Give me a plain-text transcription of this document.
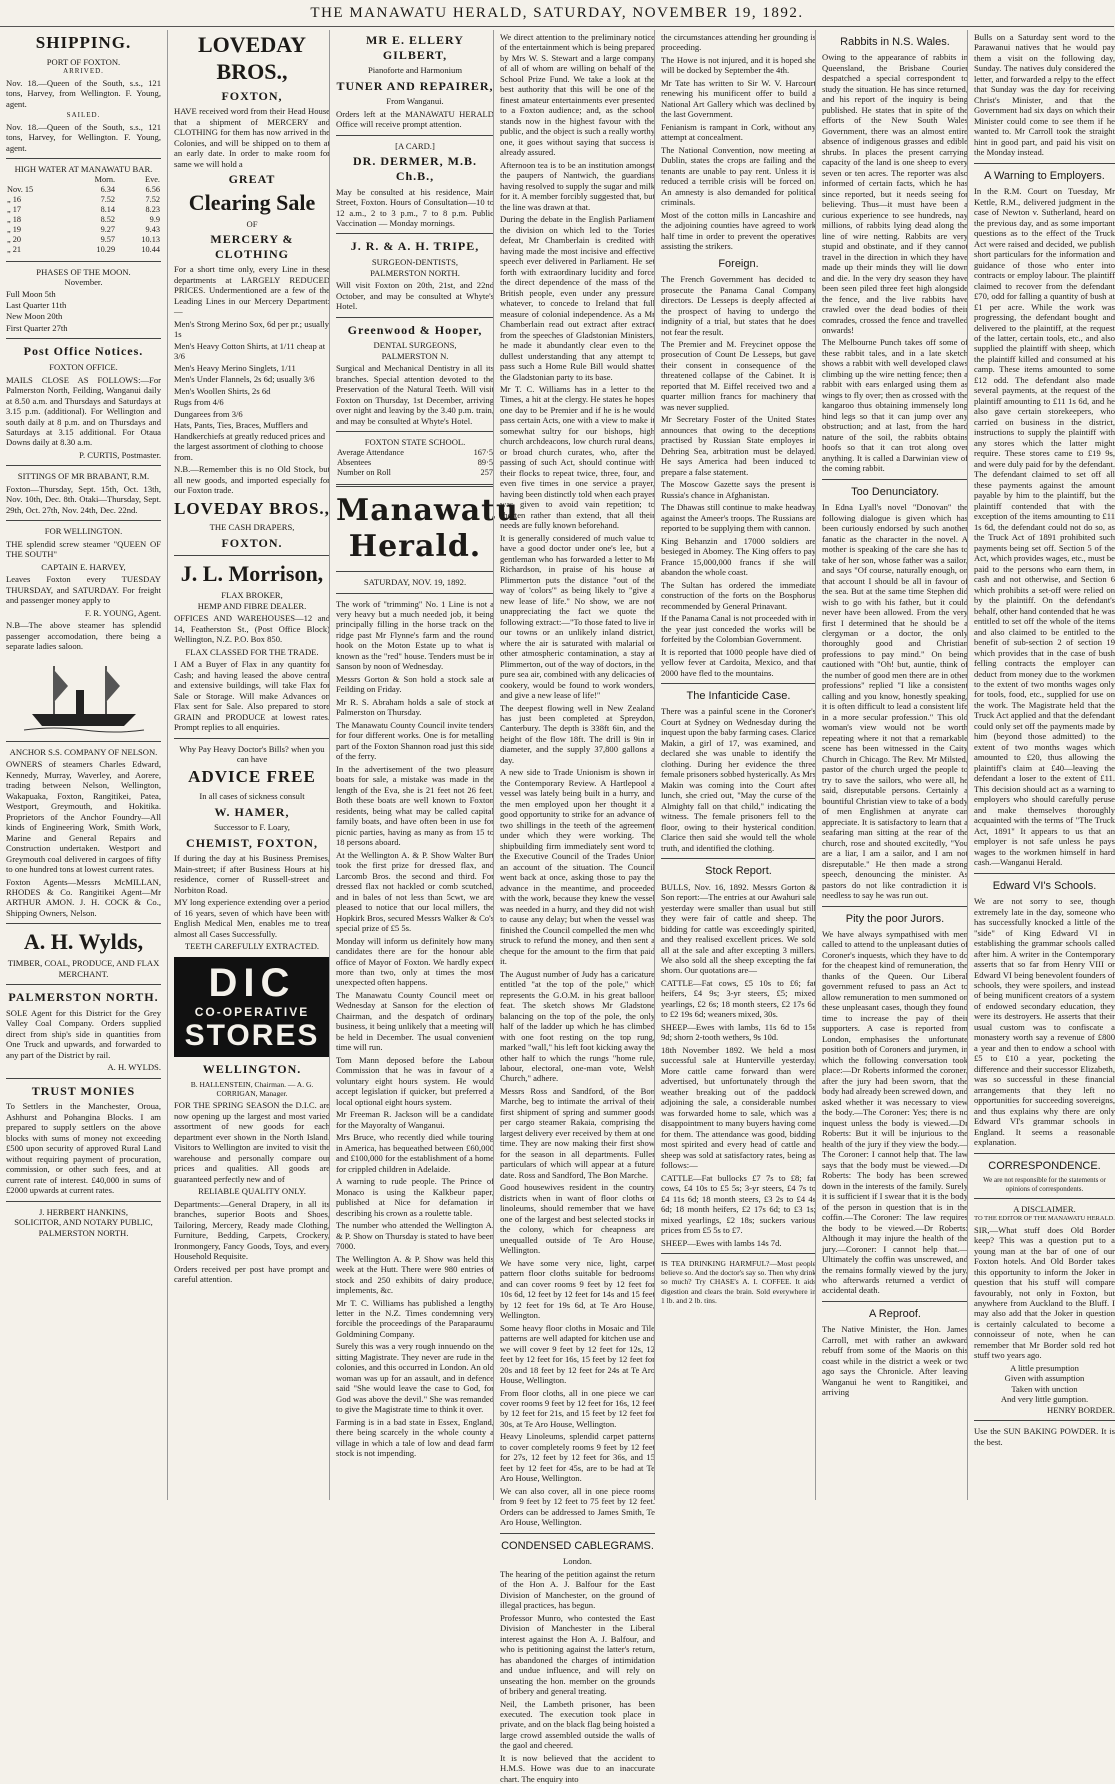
THE MANAWATU HERALD, SATURDAY, NOVEMBER 19, 1892.
SHIPPING.
PORT OF FOXTON.
ARRIVED.

Nov. 18.—Queen of the South, s.s., 121 tons, Harvey, from Wellington. F. Young, agent.

SAILED.

Nov. 18.—Queen of the South, s.s., 121 tons, Harvey, for Wellington. F. Young, agent.

HIGH WATER AT MANAWATU BAR.
	Morn.	Eve.
Nov. 15	6.34	6.56
„ 16	7.52	7.52
„ 17	8.14	8.23
„ 18	8.52	9.9
„ 19	9.27	9.43
„ 20	9.57	10.13
„ 21	10.29	10.44
PHASES OF THE MOON.
November.
Full Moon 5th
Last Quarter 11th
New Moon 20th
First Quarter 27th
Post Office Notices.
FOXTON OFFICE.

MAILS CLOSE AS FOLLOWS:—For Palmerston North, Feilding, Wanganui daily at 8.50 a.m. and Thursdays and Saturdays at 3.15 p.m. (additional). For Wellington and south daily at 8 p.m. and on Thursdays and Saturdays at 3.15 additional. For Otaua Downs daily at 8.30 a.m.

P. CURTIS, Postmaster.
SITTINGS OF MR BRABANT, R.M.

Foxton—Thursday, Sept. 15th, Oct. 13th, Nov. 10th, Dec. 8th. Otaki—Thursday, Sept. 29th, Oct. 27th, Nov. 24th, Dec. 22nd.

FOR WELLINGTON.

THE splendid screw steamer "QUEEN OF THE SOUTH"

CAPTAIN E. HARVEY,

Leaves Foxton every TUESDAY THURSDAY, and SATURDAY. For freight and passenger money apply to

F. R. YOUNG, Agent.

N.B—The above steamer has splendid passenger accomodation, there being a separate ladies saloon.

ANCHOR S.S. COMPANY OF NELSON.

OWNERS of steamers Charles Edward, Kennedy, Murray, Waverley, and Aorere, trading between Nelson, Wellington, Wakapuaka, Foxton, Rangitikei, Patea, Westport, Greymouth, and Hokitika. Proprietors of the Anchor Foundry—All kinds of Engineering Work, Smith Work, Marine and General Repairs and Construction undertaken. Westport and Greymouth coal delivered in cargoes of fifty to one hundred tons at lowest current rates.

Foxton Agents—Messrs McMILLAN, RHODES & Co. Rangitikei Agent—Mr ARTHUR AMON. J. H. COCK & Co., Shipping Owners, Nelson.

A. H. Wylds,
TIMBER, COAL, PRODUCE, AND FLAX MERCHANT.
PALMERSTON NORTH.

SOLE Agent for this District for the Grey Valley Coal Company. Orders supplied direct from ship's side in quantities from One Truck and upwards, and forwarded to any part of the District by rail.

A. H. WYLDS.
TRUST MONIES

To Settlers in the Manchester, Oroua, Ashhurst and Pohangina Blocks. I am prepared to supply settlers on the above blocks with sums of money not exceeding £500 upon security of approved Rural Land without requiring payment of procuration, commission, or other such fees, and at current rate of interest. £40,000 in sums of £2000 upwards at current rates.

J. HERBERT HANKINS,
SOLICITOR, AND NOTARY PUBLIC, PALMERSTON NORTH.
LOVEDAY BROS.,
FOXTON,

HAVE received word from their Head House that a shipment of MERCERY and CLOTHING for them has now arrived in the Colonies, and will be shipped on to them at an early date. In order to make room for same we will hold a

GREAT
Clearing Sale
OF
MERCERY & CLOTHING

For a short time only, every Line in these departments at LARGELY REDUCED PRICES. Undermentioned are a few of the Leading Lines in our Mercery Department:—

Men's Strong Merino Sox, 6d per pr.; usually 1s
Men's Heavy Cotton Shirts, at 1/11 cheap at 3/6
Men's Heavy Merino Singlets, 1/11
Men's Under Flannels, 2s 6d; usually 3/6
Men's Woollen Shirts, 2s 6d
Rugs from 4/6
Dungarees from 3/6
Hats, Pants, Ties, Braces, Mufflers and Handkerchiefs at greatly reduced prices and the largest assortment of clothing to choose from.

N.B.—Remember this is no Old Stock, but all new goods, and imported especially for our Foxton trade.

LOVEDAY BROS.,
THE CASH DRAPERS,
FOXTON.
J. L. Morrison,
FLAX BROKER,
HEMP AND FIBRE DEALER.

OFFICES AND WAREHOUSES—12 and 14, Featherston St., (Post Office Block) Wellington, N.Z. P.O. Box 850.

FLAX CLASSED FOR THE TRADE.

I AM a Buyer of Flax in any quantity for Cash; and having leased the above central and extensive buildings, will take Flax for Sale or Storage. Will make Advances on Flax sent for Sale. Also prepared to store GRAIN and PRODUCE at lowest rates. Prompt replies to all enquiries.

Why Pay Heavy Doctor's Bills? when you can have
ADVICE FREE
In all cases of sickness consult
W. HAMER,
Successor to F. Loary,
CHEMIST, FOXTON,

If during the day at his Business Premises, Main-street; if after Business Hours at his residence, corner of Russell-street and Norbiton Road.

MY long experience extending over a period of 16 years, seven of which have been with English Medical Men, enables me to treat almost all Cases Successfully.

TEETH CAREFULLY EXTRACTED.
DIC
CO-OPERATIVE
STORES
WELLINGTON.
B. HALLENSTEIN, Chairman. — A. G. CORRIGAN, Manager.

FOR THE SPRING SEASON the D.I.C. are now opening up the largest and most varied assortment of new goods for each department ever shown in the North Island. Visitors to Wellington are invited to visit the warehouse and personally compare our prices and qualities. All goods are guaranteed perfectly new and of

RELIABLE QUALITY ONLY.

Departments:—General Drapery, in all its branches, superior Boots and Shoes, Tailoring, Mercery, Ready made Clothing, Furniture, Bedding, Carpets, Crockery, Ironmongery, Fancy Goods, Toys, and every Household Requisite.

Orders received per post have prompt and careful attention.

MR E. ELLERY GILBERT,
Pianoforte and Harmonium
TUNER AND REPAIRER,
From Wanganui.

Orders left at the MANAWATU HERALD Office will receive prompt attention.

[A CARD.]
DR. DERMER, M.B. Ch.B.,

May be consulted at his residence, Main Street, Foxton. Hours of Consultation—10 to 12 a.m., 2 to 3 p.m., 7 to 8 p.m. Public Vaccination — Monday mornings.

J. R. & A. H. TRIPE,
SURGEON-DENTISTS,
PALMERSTON NORTH.

Will visit Foxton on 20th, 21st, and 22nd October, and may be consulted at Whyte's Hotel.

Greenwood & Hooper,
DENTAL SURGEONS,
PALMERSTON N.

Surgical and Mechanical Dentistry in all its branches. Special attention devoted to the Preservation of the Natural Teeth. Will visit Foxton on Thursday, 1st December, arriving over night and leaving by the 3.40 p.m. train, and may be consulted at Whyte's Hotel.

FOXTON STATE SCHOOL.
Average Attendance	167·5
Absentees	89·5
Number on Roll	257
Manawatu Herald.
SATURDAY, NOV. 19, 1892.

The work of "trimming" No. 1 Line is not a very heavy but a much needed job, it being principally filling in the horse track on the ridge past Mr Flynne's farm and the round hook on the Moton Estate up to what is known as the "red" house. Tenders must be in Sanson by noon of Wednesday.

Messrs Gorton & Son hold a stock sale at Feilding on Friday.

Mr R. S. Abraham holds a sale of stock at Palmerston on Thursday.

The Manawatu County Council invite tenders for four different works. One is for metalling part of the Foxton Shannon road just this side of the ferry.

In the advertisement of the two pleasure boats for sale, a mistake was made in the length of the Eva, she is 21 feet not 26 feet. Both these boats are well known to Foxton residents, being what may be called capital family boats, and have often been in use for picnic parties, having as many as from 15 to 18 persons aboard.

At the Wellington A. & P. Show Walter Burt took the first prize for dressed flax, and Larcomb Bros. the second and third. For dressed flax not hackled or comb scutched, and in bales of not less than 5cwt, we are pleased to notice that our local millers, the Hopkirk Bros, secured Messrs Walker & Co's special prize of £5 5s.

Monday will inform us definitely how many candidates there are for the honour able office of Mayor of Foxton. We hardly expect more than two, only at times the most unexpected often happens.

The Manawatu County Council meet on Wednesday at Sanson for the election of Chairman, and the despatch of ordinary business, it being unlikely that a meeting will be held in December. The usual convenient time will run.

Tom Mann deposed before the Labour Commission that he was in favour of a voluntary eight hours system. He would accept legislation if quicker, but preferred a local optional eight hours system.

Mr Freeman R. Jackson will be a candidate for the Mayoralty of Wanganui.

Mrs Bruce, who recently died while touring in America, has bequeathed between £60,000 and £100,000 for the establishment of a home for crippled children in Adelaide.

A warning to rude people. The Prince of Monaco is using the Kalkbeur paper, published at Nice for defamation in describing his crown as a roulette table.

The number who attended the Wellington A. & P. Show on Thursday is stated to have been 7000.

The Wellington A. & P. Show was held this week at the Hutt. There were 980 entries of stock and 250 exhibits of dairy produce, implements, &c.

Mr T. C. Williams has published a lengthy letter in the N.Z. Times condemning very forcible the proceedings of the Paraparaumu Goldmining Company.

Surely this was a very rough innuendo on the sitting Magistrate. They never are rude in the colonies, and this occurred in London. An old woman was up for an assault, and in defence said "She would leave the case to God, for God was above the devil." She was remanded to give the Magistrate time to think it over.

Farming is in a bad state in Essex, England, there being scarcely in the whole county a village in which a tale of low and dead farm stock is not impending.

We direct attention to the preliminary notice of the entertainment which is being prepared by Mrs W. S. Stewart and a large company of all of whom are willing on behalf of the School Prize Fund. We take a look at the best authority that this will be one of the finest amateur entertainments ever presented to a Foxton audience; and, as the school stands now in the highest favour with the public, and the object is such a really worthy one, it goes without saying that success is already assured.

Afternoon tea is to be an institution amongst the paupers of Nantwich, the guardians having resolved to supply the sugar and milk for it. A member forcibly suggested that, but the line was drawn at that.

During the debate in the English Parliament the division on which led to the Tories defeat, Mr Chamberlain is credited with having made the most incisive and effective speech ever delivered in Parliament. He set forth with extraordinary lucidity and force the direct dependence of the mass of the British people, even under any pressure whatever, to concede to Ireland that full measure of colonial independence. As a Mr Chamberlain read out extract after extract from the speeches of Gladstonian Ministers, he made it abundantly clear even to the dullest understanding that any attempt to pass such a Home Rule Bill would shatter the Gladstonian party to its base.

Mr T. C. Williams has in a letter to the Times, a hit at the clergy. He states he hopes one day to be Premier and if he is he would pass certain Acts, one with a view to make it somewhat sultry for our bishops, high church archdeacons, low church rural deans, or broad church curates, who, after the passing of such Act, should continue with their flocks to repeat twice, three, four, and even five times in one service a prayer, having been distinctly told when each prayer was given to avoid vain repetition; to shorten rather than extend, that all their needs are fully known beforehand.

It is generally considered of much value to have a good doctor under one's lee, but a gentleman who has forwarded a letter to Mr Richardson, in praise of his house at Plimmerton puts the distance "out of the way of 'colors'" as being likely to "give a new lease of life." No show, we are not unappreciating the fact we quote the following extract:—"To those fated to live in our towns or an unlikely inland district, where the air is saturated with malarial or other atmospheric contamination, a stay at Plimmerton, out of the way of doctors, in the pure sea air, combined with any delicacies of cookery, would be found to work wonders, and give a new lease of life!"

The deepest flowing well in New Zealand has just been completed at Spreydon, Canterbury. The depth is 338ft 6in, and the height of the flow 18ft. The drill is 9in in diameter, and the supply 37,800 gallons a day.

A new side to Trade Unionism is shown in the Contemporary Review. A Hartlepool a vessel was lately being built in a hurry, and the men employed upon her thought it a good opportunity to strike for an advance of two shillings in the teeth of the agreement under which they were working. The shipbuilding firm immediately sent word to the Executive Council of the Trades Union an account of the situation. The Council went back at once, asking those to pay the advance in the meantime, and proceeded with the work, because they knew the vessel was needed in a hurry, and they did not wish to cause any delay; but when the vessel was finished the Council compelled the men who struck to refund the money, and then sent a cheque for the amount to the firm that paid it.

The August number of Judy has a caricature entitled "at the top of the pole," which represents the G.O.M. in his great balloon feat. The sketch shows Mr Gladstone balancing on the top of the pole, the only half of the ladder up which he has climbed with one foot resting on the top rung, marked "wall," his left foot kicking away the other half to which the rungs "home rule, labour, electoral, one-man vote, Welsh Church," adhere.

Messrs Ross and Sandford, of the Bon Marche, beg to intimate the arrival of their first shipment of spring and summer goods per cargo steamer Rakaia, comprising the largest delivery ever received by them at one time. They are now making their first show for the season in all departments. Fuller particulars of which will appear at a future date. Ross and Sandford, The Bon Marche.

Good housewives resident in the country districts when in want of floor cloths or linoleums, should remember that we have one of the largest and best selected stocks in the colony, which for cheapness are unequalled outside of Te Aro House, Wellington.

We have some very nice, light, carpet pattern floor cloths suitable for bedrooms and can cover rooms 9 feet by 12 feet for 10s 6d, 12 feet by 12 feet for 14s and 15 feet by 12 feet for 19s 6d, at Te Aro House, Wellington.

Some heavy floor cloths in Mosaic and Tile patterns are well adapted for kitchen use and we will cover 9 feet by 12 feet for 12s, 12 feet by 12 feet for 16s, 15 feet by 12 feet for 20s and 18 feet by 12 feet for 24s at Te Aro House, Wellington.

From floor cloths, all in one piece we can cover rooms 9 feet by 12 feet for 16s, 12 feet by 12 feet for 21s, and 15 feet by 12 feet for 30s, at Te Aro House, Wellington.

Heavy Linoleums, splendid carpet patterns to cover completely rooms 9 feet by 12 feet for 27s, 12 feet by 12 feet for 36s, and 15 feet by 12 feet for 45s, are to be had at Te Aro House, Wellington.

We can also cover, all in one piece rooms from 9 feet by 12 feet to 75 feet by 12 feet. Orders can be addressed to James Smith, Te Aro House, Wellington.

CONDENSED CABLEGRAMS.
London.

The hearing of the petition against the return of the Hon A. J. Balfour for the East Division of Manchester, on the ground of illegal practices, has begun.

Professor Munro, who contested the East Division of Manchester in the Liberal interest against the Hon A. J. Balfour, and who is petitioning against the latter's return, has abandoned the charges of intimidation and undue influence, and will rely on unseating the hon. member on the grounds of bribery and general treating.

Neil, the Lambeth prisoner, has been executed. The execution took place in private, and on the black flag being hoisted a large crowd assembled outside the walls of the gaol and cheered.

It is now believed that the accident to H.M.S. Howe was due to an inaccurate chart. The enquiry into

the circumstances attending her grounding is proceeding.

The Howe is not injured, and it is hoped she will be docked by September the 4th.

Mr Tate has written to Sir W. V. Harcourt renewing his munificent offer to build a National Art Gallery which was declined by the last Government.

Fenianism is rampant in Cork, without any attempt at concealment.

The National Convention, now meeting at Dublin, states the crops are failing and the tenants are unable to pay rent. Unless it is reduced a terrible crisis will be forced on. An amnesty is also demanded for political criminals.

Most of the cotton mills in Lancashire and the adjoining counties have agreed to work half time in order to prevent the operatives assisting the strikers.

Foreign.

The French Government has decided to prosecute the Panama Canal Company directors. De Lesseps is deeply affected at the prospect of having to undergo the indignity of a trial, but states that he does not fear the result.

The Premier and M. Freycinet oppose the prosecution of Count De Lesseps, but gave their consent in consequence of the threatened collapse of the Cabinet. It is reported that M. Eiffel received two and a quarter million francs for machinery that was never supplied.

Mr Secretary Foster of the United States announces that owing to the deceptions practised by Russian State employes in Dehring Sea, arbitration must be delayed. He says America had been induced to prepare a false statement.

The Moscow Gazette says the present is Russia's chance in Afghanistan.

The Dhawas still continue to make headway against the Ameer's troops. The Russians are reported to be supplying them with cannon.

King Behanzin and 17000 soldiers are besieged in Abomey. The King offers to pay France 15,000,000 francs if she will abandon the whole coast.

The Sultan has ordered the immediate construction of the forts on the Bosphorus recommended by General Prinavant.

If the Panama Canal is not proceeded with in the year just conceded the works will be forfeited by the Colombian Government.

It is reported that 1000 people have died of yellow fever at Cardoita, Mexico, and that 2000 have fled to the mountains.

The Infanticide Case.

There was a painful scene in the Coroner's Court at Sydney on Wednesday during the inquest upon the baby farming cases. Clarice Makin, a girl of 17, was examined, and declared she was unable to identify the clothing. During her evidence the three female prisoners sobbed hysterically. As Mrs Makin was coming into the Court after lunch, she cried out, "May the curse of the Almighty fall on that child," indicating the witness. The female prisoners fell to the floor, owing to their hysterical condition. Clarice then said she would tell the whole truth, and identified the clothing.

Stock Report.

BULLS, Nov. 16, 1892. Messrs Gorton & Son report:—The entries at our Awahuri sale yesterday were smaller than usual but still they were fair of cattle and sheep. The bidding for cattle was exceedingly spirited, and they realised excellent prices. We sold all at the sale and after excepting 3 millers. We also sold all the sheep excepting the fat shorn. Our quotations are—

CATTLE—Fat cows, £5 10s to £6; fat heifers, £4 9s; 3-yr steers, £5; mixed yearlings, £2 6s; 18 month steers, £2 17s 6d to £2 19s 6d; weaners mixed, 30s.

SHEEP—Ewes with lambs, 11s 6d to 15s 9d; shorn 2-tooth wethers, 9s 10d.

18th November 1892. We held a most successful sale at Hunterville yesterday. More cattle came forward than were advertised, but unfortunately through the weather breaking out of the paddock adjoining the sale, a considerable number was forwarded home to sale, which was a disappointment to many buyers having come for them. The attendance was good, bidding most spirited and every head of cattle and sheep was sold at satisfactory rates, being as follows:—

CATTLE—Fat bullocks £7 7s to £8; fat cows, £4 10s to £5 5s; 3-yr steers, £4 7s to £4 11s 6d; 18 month steers, £3 2s to £4 4s 6d; 18 month heifers, £2 17s 6d; to £3 1s; mixed yearlings, £2 18s; suckers various prices from £5 5s to £7.

SHEEP—Ewes with lambs 14s 7d.

IS TEA DRINKING HARMFUL?—Most people believe so. And the doctor's say so. Then why drink so much? Try CHASE's A. I. COFFEE. It aids digestion and clears the brain. Sold everywhere in 1 lb. and 2 lb. tins.

Rabbits in N.S. Wales.

Owing to the appearance of rabbits in Queensland, the Brisbane Courier despatched a special correspondent to study the situation. He has since returned, and his report of the inquiry is being published. He states that in spite of the efforts of the New South Wales Government, there was an almost entire absence of indigenous grasses and edible shrubs. In places the present carrying capacity of the land is one sheep to every seven or ten acres. The reporter was also informed of certain facts, which he has since reported, but it needs seeing for believing. Thus—it must have been a curious experience to see hundreds, nay millions, of rabbits lying dead along the line of wire netting. Rabbits are very stupid and obstinate, and if they cannot travel in the direction in which they have made up their minds they will lie down and die. In the very dry season they have been seen piled three feet high alongside the fence, and the live rabbits have crawled over the dead bodies of their comrades, crossed the fence and travelled onwards!

The Melbourne Punch takes off some of these rabbit tales, and in a late sketch shows a rabbit with well developed claws climbing up the wire netting fence; then a rabbit with ears enlarged using them as wings to fly over; then as crossed with the kangaroo thus obtaining immensely long hind legs so that it can jump over any obstruction; and at last, from the hard nature of the soil, the rabbits obtains hoofs so that it can trot along over anything. It is called a Darwinian view of the coming rabbit.

Too Denunciatory.

In Edna Lyall's novel "Donovan" the following dialogue is given which has been curiously endorsed by such another fanatic as the character in the novel. A mother is speaking of the care she has to take of her son, whose father was a sailor, and says "Of course, naturally enough, on that account I should be all in favour of the sea. But at the same time Stephen did wish to go with his father, but it could never have been allowed. From the very first I determined that he should be a clergyman or a doctor, the only thoroughly good and Christian professions to pay mind." On being cautioned with "Oh! but, auntie, think of the number of good men there are in other professions" replied "I like a consistent calling and you know, honestly speaking, it is often difficult to lead a consistent life in a more secular profession." This old woman's view would not be worth repeating where it not that a remarkable scene has been witnessed in the Caity Church in Chicago. The Rev. Mr Milsted, pastor of the church urged the people to try to save the sailors, who were all, he said, disreputable persons. Certainly a bountiful Christian view to take of a body of men Englishmen at anyrate can appreciate. It is satisfactory to learn that a seafaring man sitting at the rear of the church, rose and shouted excitedly, "You are a liar, I am a sailor, and I am not disreputable." He then made a strong speech, denouncing the minister. As pastors do not like contradiction it is needless to say he was run out.

Pity the poor Jurors.

We have always sympathised with men called to attend to the unpleasant duties of Coroner's inquests, which they have to do for the cheapest kind of remuneration, the thanks of the Queen. Our Liberal government refused to pass an Act to allow remuneration to men summoned on these unpleasant cases, though they found time to increase the pay of their supporters. A case is reported from London, emphasises the unfortunate position both of Coroners and jurymen, in which the following conversation took place:—Dr Roberts informed the coroner, after the jury had been sworn, that the body had already been screwed down, and asked whether it was necessary to view the body.—The Coroner: Yes; there is no inquest unless the body is viewed.—Dr Roberts: But it will be injurious to the health of the jury if they view the body.—The Coroner: I cannot help that. The law says that the body must be viewed.—Dr Roberts: The body has been screwed down in the interests of the family. Surely it is sufficient if I swear that it is the body of the person in question that is in the coffin.—The Coroner: The law requires the body to be viewed.—Dr Roberts: Although it may injure the health of the jury.—Coroner: I cannot help that.—Ultimately the coffin was unscrewed, and the remains formally viewed by the jury, who afterwards returned a verdict of accidental death.

A Reproof.

The Native Minister, the Hon. James Carroll, met with rather an awkward rebuff from some of the Maoris on this coast while in the district a week or two ago says the Chronicle. After leaving Wanganui he went to Rangitikei, and arriving

Bulls on a Saturday sent word to the Parawanui natives that he would pay them a visit on the following day, Sunday. The natives duly considered the letter, and forwarded a relpy to the effect that Sunday was the day for receiving Christ's Minister, and that the Government had six days on which their Minister could come to see them if he wanted to. Mr Carroll took the straight hint in good part, and paid his visit on the Monday instead.

A Warning to Employers.

In the R.M. Court on Tuesday, Mr Kettle, R.M., delivered judgment in the case of Newton v. Sutherland, heard on the previous day, and as some important questions as to the effect of the Truck Act were raised and decided, we publish short particulars for the information and guidance of those who enter into contracts or employ labour. The plaintiff claimed to recover from the defendant £70, odd for falling a quantity of bush at £1 per acre. While the work was progressing, the defendant bought and delivered to the plaintiff, at the request of the latter, certain tools, etc., and also supplied the plaintiff with sheep, which the plaintiff killed and consumed at his camp. These items amounted to some £12 odd. The defendant also made several payments, at the request of the plaintiff amounting to £11 1s 6d, and he also gave certain storekeepers, who carried on business in the district, instructions to supply the plaintiff with any stores which the latter might require. These stores came to £19 9s, and were duly paid for by the defendant. The defendant claimed to set off all these payments against the amount payable by him to the plaintiff, but the plaintiff contended that with the exception of the items amounting to £11 1s 6d, the defendant could not do so, as the Truck Act of 1891 prohibited such payments being set off. Section 5 of the Act, which provides wages, etc., must be paid to the persons who earn them, in cash and not otherwise, and Section 6 which prohibits a set-off were relied on by the plaintiff. On the defendant's behalf, other hand contended that he was entitled to set off the whole of the items and also claimed to be entitled to the benefit of sub-section 2 of section 19 which provides that in the case of bush felling contracts the employer can deduct from money due to the workmen to the extent of two months wages only for tools, food, etc., supplied for use on the work. The Magistrate held that the Truck Act applied and that the defendant could only set off the payments made by him (beyond those admitted) to the extent of two months wages which amounted to £20, thus allowing the plaintiff's claim at £40—leaving the defendant a loser to the extent of £11. This decision should act as a warning to employers who should carefully peruse and make themselves thoroughly acquainted with the terms of "The Truck Act, 1891" It appears to us that an employer is not safe unless he pays wages to the workmen himself in hard cash.—Wanganui Herald.

Edward VI's Schools.

We are not sorry to see, though extremely late in the day, someone who has successfully knocked a little of the "side" of King Edward VI in establishing the grammar schools called after him. A writer in the Contemporary asserts that so far from Henry VIII or Edward VI being benevolent founders of schools, they were spoilers, and instead of being munificent creators of a system of endowed secondary education, they were its destroyers. He asserts that their usual custom was to confiscate a monastery worth say a revenue of £800 a year and then to endow a school with £5 to £10 a year, pocketing the difference and their successor Elizabeth, was so successful in these financial arrangements that they left no opportunities for succeeding sovereigns, and thus explains why there are only Edward VI's grammar schools in England. It seems a reasonable explanation.

CORRESPONDENCE.
We are not responsible for the statements or opinions of correspondents.
A DISCLAIMER.
TO THE EDITOR OF THE MANAWATU HERALD.

SIR,—What stuff does Old Border keep? This was a question put to a young man at the bar of one of our Foxton hotels. And Old Border takes this opportunity to inform the Joker in question that his stuff will compare favourably, not only in Foxton, but anywhere from Auckland to the Bluff. I may also add that the Joker in question is certainly calculated to become a connoisseur of note, when he can remember that Mr Border sold red hot stuff two years ago.

A little presumption
Given with assumption
Taken with unction
And very little gumption.
HENRY BORDER.

Use the SUN BAKING POWDER. It is the best.
